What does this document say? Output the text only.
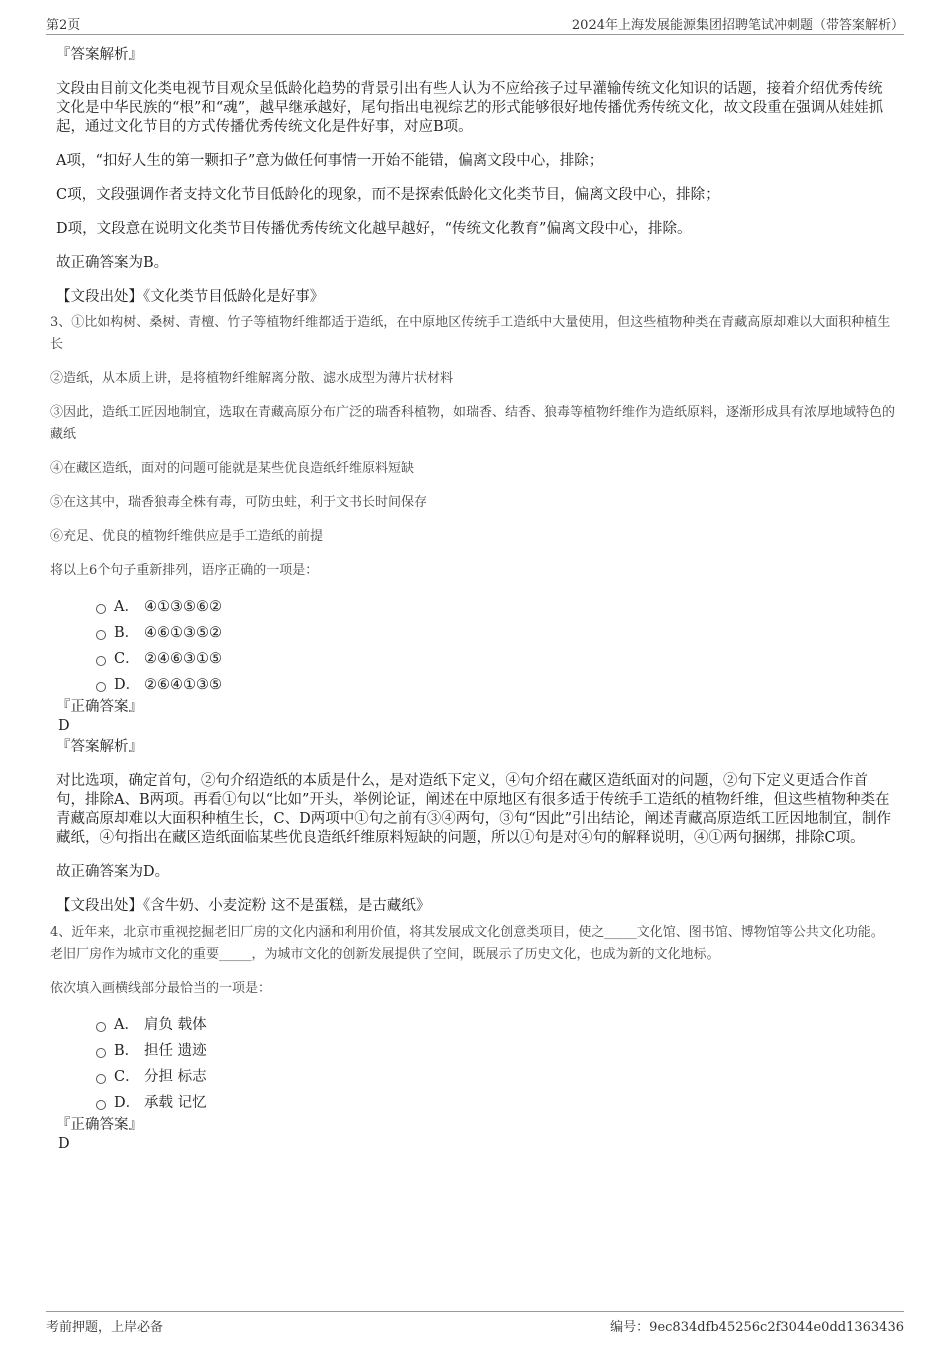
第2页	2024年上海发展能源集团招聘笔试冲刺题（带答案解析）

『答案解析』

文段由目前文化类电视节目观众呈低龄化趋势的背景引出有些人认为不应给孩子过早灌输传统文化知识的话题，接着介绍优秀传统文化是中华民族的“根”和“魂”，越早继承越好，尾句指出电视综艺的形式能够很好地传播优秀传统文化，故文段重在强调从娃娃抓起，通过文化节目的方式传播优秀传统文化是件好事，对应B项。

A项，“扣好人生的第一颗扣子”意为做任何事情一开始不能错，偏离文段中心，排除；

C项，文段强调作者支持文化节目低龄化的现象，而不是探索低龄化文化类节目，偏离文段中心，排除；

D项，文段意在说明文化类节目传播优秀传统文化越早越好，“传统文化教育”偏离文段中心，排除。

故正确答案为B。

【文段出处】《文化类节目低龄化是好事》

3、①比如构树、桑树、青檀、竹子等植物纤维都适于造纸，在中原地区传统手工造纸中大量使用，但这些植物种类在青藏高原却难以大面积种植生长

②造纸，从本质上讲，是将植物纤维解离分散、滤水成型为薄片状材料

③因此，造纸工匠因地制宜，选取在青藏高原分布广泛的瑞香科植物，如瑞香、结香、狼毒等植物纤维作为造纸原料，逐渐形成具有浓厚地域特色的藏纸

④在藏区造纸，面对的问题可能就是某些优良造纸纤维原料短缺

⑤在这其中，瑞香狼毒全株有毒，可防虫蛀，利于文书长时间保存

⑥充足、优良的植物纤维供应是手工造纸的前提

将以上6个句子重新排列，语序正确的一项是：

A． ④①③⑤⑥②
B． ④⑥①③⑤②
C． ②④⑥③①⑤
D． ②⑥④①③⑤

『正确答案』

D

『答案解析』

对比选项，确定首句，②句介绍造纸的本质是什么，是对造纸下定义，④句介绍在藏区造纸面对的问题，②句下定义更适合作首句，排除A、B两项。再看①句以“比如”开头，举例论证，阐述在中原地区有很多适于传统手工造纸的植物纤维，但这些植物种类在青藏高原却难以大面积种植生长，C、D两项中①句之前有③④两句，③句“因此”引出结论，阐述青藏高原造纸工匠因地制宜，制作藏纸，④句指出在藏区造纸面临某些优良造纸纤维原料短缺的问题，所以①句是对④句的解释说明，④①两句捆绑，排除C项。

故正确答案为D。

【文段出处】《含牛奶、小麦淀粉 这不是蛋糕，是古藏纸》

4、近年来，北京市重视挖掘老旧厂房的文化内涵和利用价值，将其发展成文化创意类项目，使之_____文化馆、图书馆、博物馆等公共文化功能。老旧厂房作为城市文化的重要_____，为城市文化的创新发展提供了空间，既展示了历史文化，也成为新的文化地标。

依次填入画横线部分最恰当的一项是：

A． 肩负 载体
B． 担任 遗迹
C． 分担 标志
D． 承载 记忆

『正确答案』

D

考前押题，上岸必备	编号：9ec834dfb45256c2f3044e0dd1363436
